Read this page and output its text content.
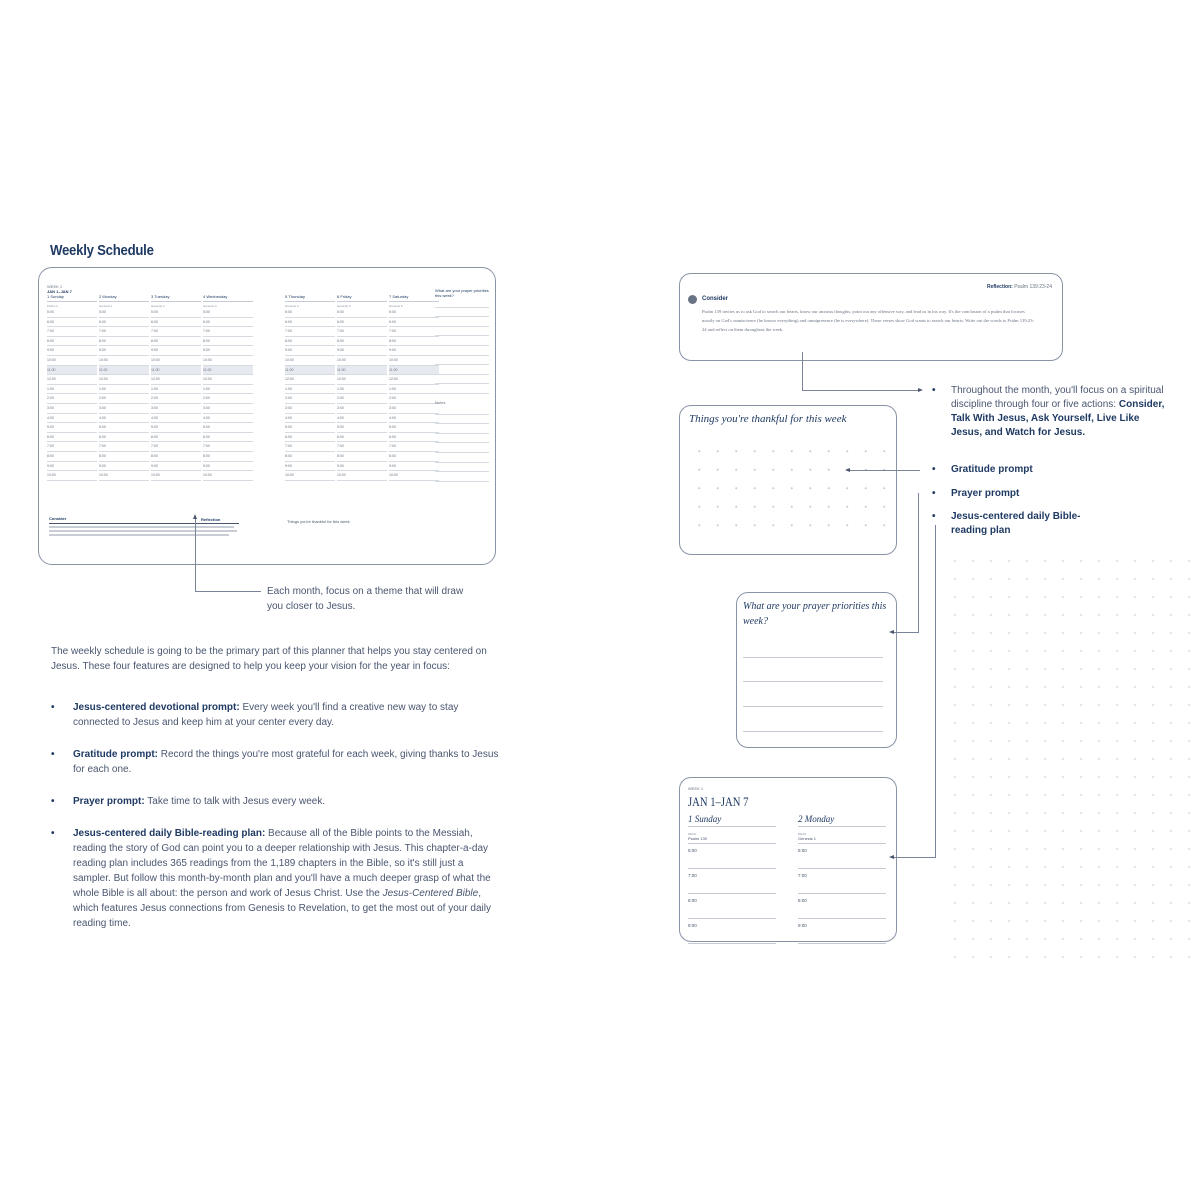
Weekly Schedule
WEEK 1
JAN 1–JAN 7
1 Sunday
Psalm 1
5:00
6:00
7:00
8:00
9:00
10:00
11:00
12:00
1:00
2:00
3:00
4:00
5:00
6:00
7:00
8:00
9:00
10:00
2 Monday
Genesis 1
5:00
6:00
7:00
8:00
9:00
10:00
11:00
12:00
1:00
2:00
3:00
4:00
5:00
6:00
7:00
8:00
9:00
10:00
3 Tuesday
Genesis 2
5:00
6:00
7:00
8:00
9:00
10:00
11:00
12:00
1:00
2:00
3:00
4:00
5:00
6:00
7:00
8:00
9:00
10:00
4 Wednesday
Genesis 3
5:00
6:00
7:00
8:00
9:00
10:00
11:00
12:00
1:00
2:00
3:00
4:00
5:00
6:00
7:00
8:00
9:00
10:00
5 Thursday
Genesis 4
5:00
6:00
7:00
8:00
9:00
10:00
11:00
12:00
1:00
2:00
3:00
4:00
5:00
6:00
7:00
8:00
9:00
10:00
6 Friday
Genesis 5
5:00
6:00
7:00
8:00
9:00
10:00
11:00
12:00
1:00
2:00
3:00
4:00
5:00
6:00
7:00
8:00
9:00
10:00
7 Saturday
Genesis 6
5:00
6:00
7:00
8:00
9:00
10:00
11:00
12:00
1:00
2:00
3:00
4:00
5:00
6:00
7:00
8:00
9:00
10:00
What are your prayer priorities this week?
Notes
Consider	Reflection	Things you're thankful for this week
Each month, focus on a theme that will draw you closer to Jesus.
The weekly schedule is going to be the primary part of this planner that helps you stay centered on Jesus. These four features are designed to help you keep your vision for the year in focus:
• Jesus-centered devotional prompt: Every week you'll find a creative new way to stay connected to Jesus and keep him at your center every day.
• Gratitude prompt: Record the things you're most grateful for each week, giving thanks to Jesus for each one.
• Prayer prompt: Take time to talk with Jesus every week.
• Jesus-centered daily Bible-reading plan: Because all of the Bible points to the Messiah, reading the story of God can point you to a deeper relationship with Jesus. This chapter-a-day reading plan includes 365 readings from the 1,189 chapters in the Bible, so it's still just a sampler. But follow this month-by-month plan and you'll have a much deeper grasp of what the whole Bible is all about: the person and work of Jesus Christ. Use the Jesus-Centered Bible, which features Jesus connections from Genesis to Revelation, to get the most out of your daily reading time.
Reflection: Psalm 139:23-24
Consider
Psalm 139 invites us to ask God to search our hearts, know our anxious thoughts, point out any offensive way, and lead us in his way. It's the conclusion of a psalm that focuses mostly on God's omniscience (he knows everything) and omnipresence (he is everywhere). These verses show God wants to search our hearts. Write out the words to Psalm 139:23-24 and reflect on them throughout the week.
Things you're thankful for this week
What are your prayer priorities this week?
WEEK 1
JAN 1–JAN 7
1 Sunday
READ
Psalm 139
5:00
7:00
8:00
9:00
2 Monday
READ
Genesis 1
5:00
7:00
8:00
9:00
• Throughout the month, you'll focus on a spiritual discipline through four or five actions: Consider, Talk With Jesus, Ask Yourself, Live Like Jesus, and Watch for Jesus.
• Gratitude prompt
• Prayer prompt
• Jesus-centered daily Bible-reading plan
